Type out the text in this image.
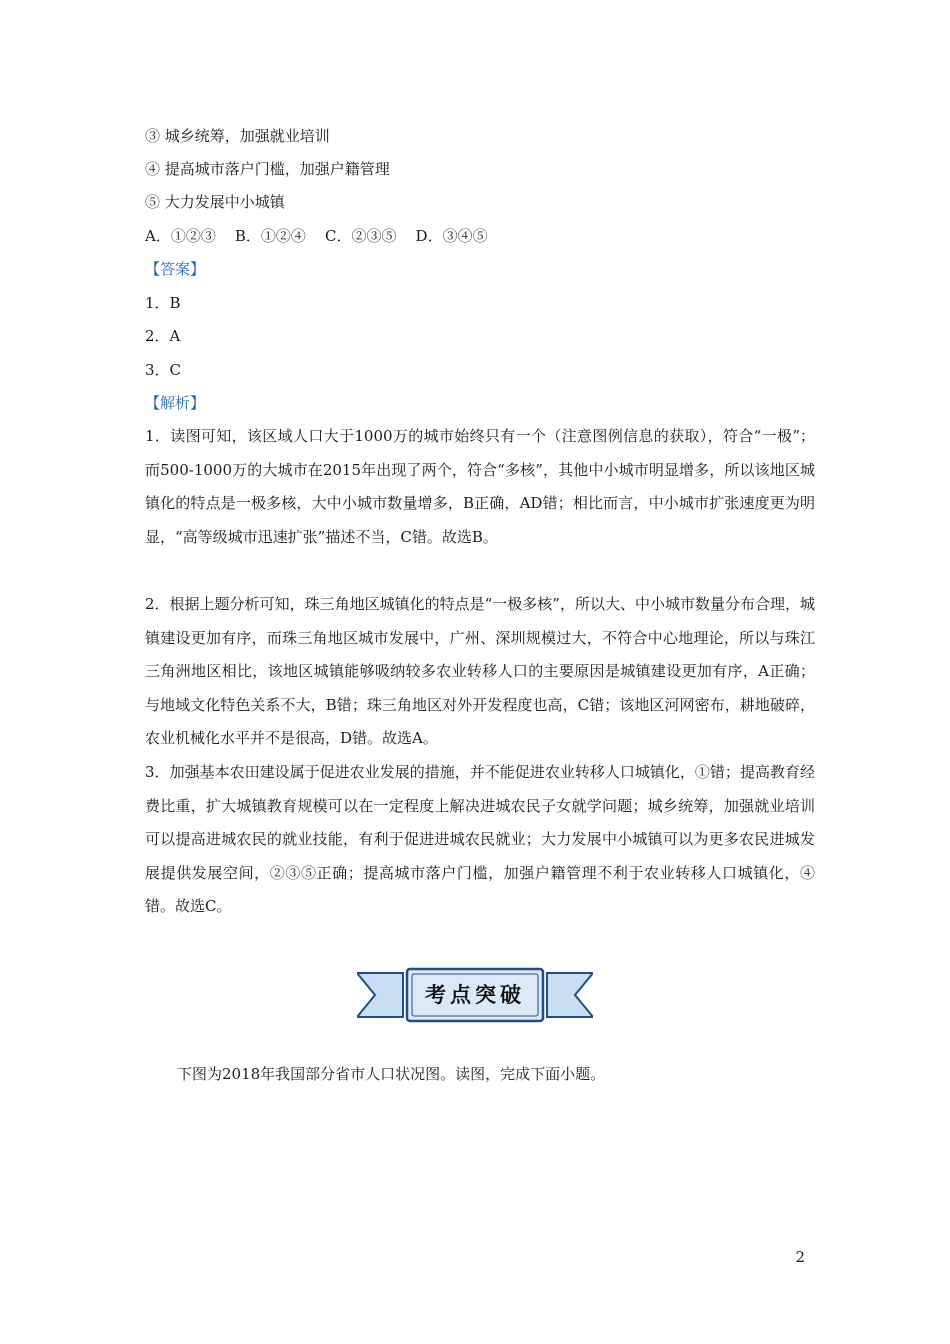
③ 城乡统筹，加强就业培训
④ 提高城市落户门槛，加强户籍管理
⑤ 大力发展中小城镇
A．①②③    B．①②④    C．②③⑤    D．③④⑤
【答案】
1．B
2．A
3．C
【解析】
1．读图可知，该区域人口大于1000万的城市始终只有一个（注意图例信息的获取），符合“一极”；而500-1000万的大城市在2015年出现了两个，符合“多核”，其他中小城市明显增多，所以该地区城镇化的特点是一极多核，大中小城市数量增多，B正确，AD错；相比而言，中小城市扩张速度更为明显，“高等级城市迅速扩张”描述不当，C错。故选B。
2．根据上题分析可知，珠三角地区城镇化的特点是“一极多核”，所以大、中小城市数量分布合理，城镇建设更加有序，而珠三角地区城市发展中，广州、深圳规模过大，不符合中心地理论，所以与珠江三角洲地区相比，该地区城镇能够吸纳较多农业转移人口的主要原因是城镇建设更加有序，A正确；与地域文化特色关系不大，B错；珠三角地区对外开发程度也高，C错；该地区河网密布，耕地破碎，农业机械化水平并不是很高，D错。故选A。
3．加强基本农田建设属于促进农业发展的措施，并不能促进农业转移人口城镇化，①错；提高教育经费比重，扩大城镇教育规模可以在一定程度上解决进城农民子女就学问题；城乡统筹，加强就业培训可以提高进城农民的就业技能，有利于促进进城农民就业；大力发展中小城镇可以为更多农民进城发展提供发展空间，②③⑤正确；提高城市落户门槛，加强户籍管理不利于农业转移人口城镇化，④错。故选C。
考点突破
下图为2018年我国部分省市人口状况图。读图，完成下面小题。
2
